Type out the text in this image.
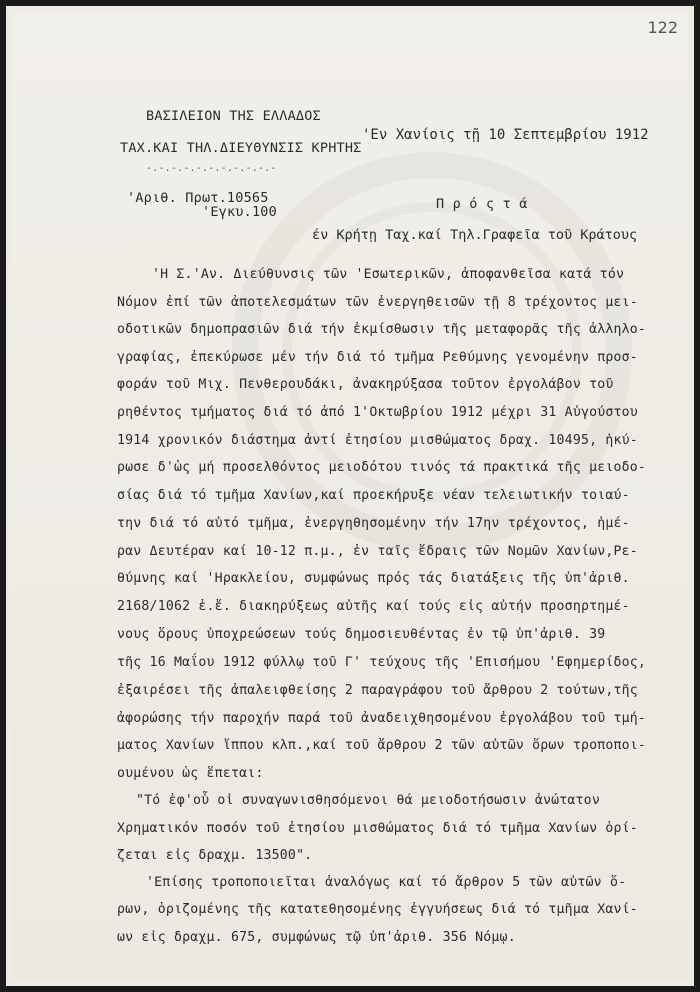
122
ΒΑΣΙΛΕΙΟΝ ΤΗΣ ΕΛΛΑΔΟΣ
'Εν Χανίοις τῇ 10 Σεπτεμβρίου 1912
ΤΑΧ.ΚΑΙ ΤΗΛ.ΔΙΕΥΘΥΝΣΙΣ ΚΡΗΤΗΣ
-.-.-.-.-.-.-.-.-.-.-
'Αριθ. Πρωτ.10565	Π ρ ό ς τ ά
'Εγκυ.100
έν Κρήτῃ Ταχ.καί Τηλ.Γραφεῖα τοῦ Κράτους
'Η Σ.'Αν. Διεύθυνσις τῶν 'Εσωτερικῶν, ἀποφανθεῖσα κατά τόν
Νόμον ἐπί τῶν ἀποτελεσμάτων τῶν ἐνεργηθεισῶν τῇ 8 τρέχοντος μει-
οδοτικῶν δημοπρασιῶν διά τήν ἐκμίσθωσιν τῆς μεταφορᾶς τῆς ἀλληλο-
γραφίας, ἐπεκύρωσε μέν τήν διά τό τμῆμα Ρεθύμνης γενομένην προσ-
φοράν τοῦ Μιχ. Πενθερουδάκι, ἀνακηρύξασα τοῦτον ἐργολάβον τοῦ
ρηθέντος τμήματος διά τό ἀπό 1'Οκτωβρίου 1912 μέχρι 31 Αὐγούστου
1914 χρονικόν διάστημα ἀντί ἐτησίου μισθώματος δραχ. 10495, ἠκύ-
ρωσε δ'ὡς μή προσελθόντος μειοδότου τινός τά πρακτικά τῆς μειοδο-
σίας διά τό τμῆμα Χανίων,καί προεκήρυξε νέαν τελειωτικήν τοιαύ-
την διά τό αὐτό τμῆμα, ἐνεργηθησομένην τήν 17ην τρέχοντος, ἡμέ-
ραν Δευτέραν καί 10-12 π.μ., ἐν ταῖς ἕδραις τῶν Νομῶν Χανίων,Ρε-
θύμνης καί 'Ηρακλείου, συμφώνως πρός τάς διατάξεις τῆς ὑπ'ἀριθ.
2168/1062 ἐ.ἔ. διακηρύξεως αὐτῆς καί τούς εἰς αὐτήν προσηρτημέ-
νους ὅρους ὑποχρεώσεων τούς δημοσιευθέντας ἐν τῷ ὑπ'ἀριθ. 39
τῆς 16 Μαΐου 1912 φύλλῳ τοῦ Γ' τεύχους τῆς 'Επισήμου 'Εφημερίδος,
ἐξαιρέσει τῆς ἀπαλειφθείσης 2 παραγράφου τοῦ ἄρθρου 2 τούτων,τῆς
ἀφορώσης τήν παροχήν παρά τοῦ ἀναδειχθησομένου ἐργολάβου τοῦ τμή-
ματος Χανίων ἵππου κλπ.,καί τοῦ ἄρθρου 2 τῶν αὐτῶν ὅρων τροποποι-
ουμένου ὡς ἕπεται:
"Τό ἐφ'οὗ οἱ συναγωνισθησόμενοι θά μειοδοτήσωσιν ἀνώτατον
Χρηματικόν ποσόν τοῦ ἐτησίου μισθώματος διά τό τμῆμα Χανίων ὁρί-
ζεται εἰς δραχμ. 13500".
'Επίσης τροποποιεῖται ἀναλόγως καί τό ἄρθρον 5 τῶν αὐτῶν ὅ-
ρων, ὁριζομένης τῆς κατατεθησομένης ἐγγυήσεως διά τό τμῆμα Χανί-
ων εἰς δραχμ. 675, συμφώνως τῷ ὑπ'ἀριθ. 356 Νόμῳ.
